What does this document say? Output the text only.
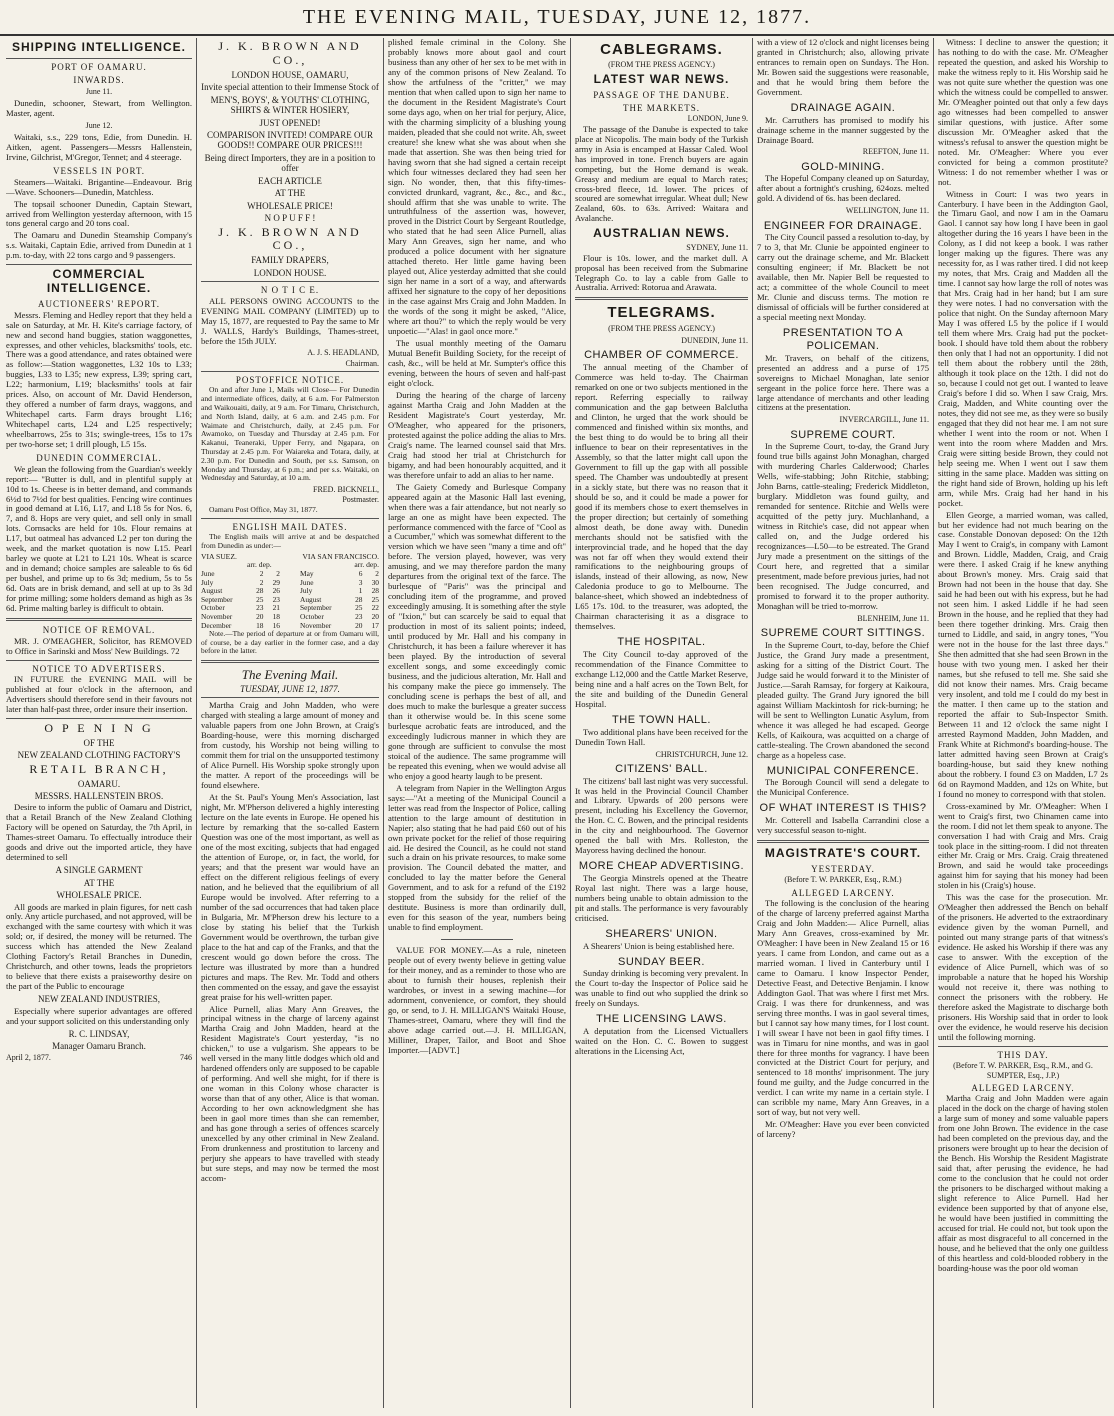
THE EVENING MAIL, TUESDAY, JUNE 12, 1877.
SHIPPING INTELLIGENCE.
PORT OF OAMARU.
INWARDS.
June 11.

Dunedin, schooner, Stewart, from Wellington. Master, agent.

June 12.

Waitaki, s.s., 229 tons, Edie, from Dunedin. H. Aitken, agent. Passengers—Messrs Hallenstein, Irvine, Gilchrist, M'Gregor, Tennet; and 4 steerage.

VESSELS IN PORT.

Steamers—Waitaki. Brigantine—Endeavour. Brig—Wave. Schooners—Dunedin, Matchless.

The topsail schooner Dunedin, Captain Stewart, arrived from Wellington yesterday afternoon, with 15 tons general cargo and 20 tons coal.

The Oamaru and Dunedin Steamship Company's s.s. Waitaki, Captain Edie, arrived from Dunedin at 1 p.m. to-day, with 22 tons cargo and 9 passengers.

COMMERCIAL INTELLIGENCE.
AUCTIONEERS' REPORT.

Messrs. Fleming and Hedley report that they held a sale on Saturday, at Mr. H. Kite's carriage factory, of new and second hand buggies, station waggonettes, expresses, and other vehicles, blacksmiths' tools, etc. There was a good attendance, and rates obtained were as follow:—Station waggonettes, L32 10s to L33; buggies, L33 to L35; new express, L39; spring cart, L22; harmonium, L19; blacksmiths' tools at fair prices. Also, on account of Mr. David Henderson, they offered a number of farm drays, waggons, and Whitechapel carts. Farm drays brought L16; Whitechapel carts, L24 and L25 respectively; wheelbarrows, 25s to 31s; swingle-trees, 15s to 17s per two-horse set; 1 drill plough, L5 15s.

DUNEDIN COMMERCIAL.

We glean the following from the Guardian's weekly report:— "Butter is dull, and in plentiful supply at 10d to 1s. Cheese is in better demand, and commands 6½d to 7½d for best qualities. Fencing wire continues in good demand at L16, L17, and L18 5s for Nos. 6, 7, and 8. Hops are very quiet, and sell only in small lots. Cornsacks are held for 10s. Flour remains at L17, but oatmeal has advanced L2 per ton during the week, and the market quotation is now L15. Pearl barley we quote at L21 to L21 10s. Wheat is scarce and in demand; choice samples are saleable to 6s 6d per bushel, and prime up to 6s 3d; medium, 5s to 5s 6d. Oats are in brisk demand, and sell at up to 3s 3d for prime milling; some holders demand as high as 3s 6d. Prime malting barley is difficult to obtain.

NOTICE OF REMOVAL.

MR. J. O'MEAGHER, Solicitor, has REMOVED to Office in Sarinski and Moss' New Buildings. 72

NOTICE TO ADVERTISERS.

IN FUTURE the EVENING MAIL will be published at four o'clock in the afternoon, and Advertisers should therefore send in their favours not later than half-past three, order insure their insertion.

O P E N I N G
OF THE
NEW ZEALAND CLOTHING FACTORY'S
RETAIL BRANCH,
OAMARU.
MESSRS. HALLENSTEIN BROS.

Desire to inform the public of Oamaru and District, that a Retail Branch of the New Zealand Clothing Factory will be opened on Saturday, the 7th April, in Thames-street Oamaru. To effectually introduce their goods and drive out the imported article, they have determined to sell

A SINGLE GARMENT
AT THE
WHOLESALE PRICE.

All goods are marked in plain figures, for nett cash only. Any article purchased, and not approved, will be exchanged with the same courtesy with which it was sold; or, if desired, the money will be returned. The success which has attended the New Zealand Clothing Factory's Retail Branches in Dunedin, Christchurch, and other towns, leads the proprietors to believe that there exists a praiseworthy desire on the part of the Public to encourage

NEW ZEALAND INDUSTRIES,

Especially where superior advantages are offered and your support solicited on this understanding only

R. C. LINDSAY,
Manager Oamaru Branch.
April 2, 1877.	746
J. K. BROWN AND CO.,
LONDON HOUSE, OAMARU,
Invite special attention to their Immense Stock of
MEN'S, BOYS', & YOUTHS' CLOTHING, SHIRTS & WINTER HOSIERY,
JUST OPENED!
COMPARISON INVITED! COMPARE OUR GOODS!! COMPARE OUR PRICES!!!
Being direct Importers, they are in a position to offer
EACH ARTICLE
AT THE
WHOLESALE PRICE!
N O P U F F !
J. K. BROWN AND CO.,
FAMILY DRAPERS,
LONDON HOUSE.
N O T I C E.

ALL PERSONS OWING ACCOUNTS to the EVENING MAIL COMPANY (LIMITED) up to May 15, 1877, are requested to Pay the same to Mr J. WALLS, Hardy's Buildings, Thames-street, before the 15th JULY.

A. J. S. HEADLAND,
Chairman.
POSTOFFICE NOTICE.

On and after June 1, Mails will Close— For Dunedin and intermediate offices, daily, at 6 a.m. For Palmerston and Waikouaiti, daily, at 9 a.m. For Timaru, Christchurch, and North Island, daily, at 6 a.m. and 2.45 p.m. For Waimate and Christchurch, daily, at 2.45 p.m. For Awamoko, on Tuesday and Thursday at 2.45 p.m. For Kakanui, Teaneraki, Upper Ferry, and Ngapara, on Thursday at 2.45 p.m. For Waiareka and Totara, daily, at 2.30 p.m. For Dunedin and South, per s.s. Samson, on Monday and Thursday, at 6 p.m.; and per s.s. Waitaki, on Wednesday and Saturday, at 10 a.m.

FRED. BICKNELL,
Postmaster.

Oamaru Post Office, May 31, 1877.

ENGLISH MAIL DATES.

The English mails will arrive at and be despatched from Dunedin as under:—

VIA SUEZ.	VIA SAN FRANCISCO.
arr. dep.	arr. dep.
June	2	2	May	6	2
July	2	29	June	3	30
August	28	26	July	1	28
September	25	23	August	28	25
October	23	21	September	25	22
November	20	18	October	23	20
December	18	16	November	20	17

Note.—The period of departure at or from Oamaru will, of course, be a day earlier in the former case, and a day before in the latter.

The Evening Mail.
TUESDAY, JUNE 12, 1877.

Martha Craig and John Madden, who were charged with stealing a large amount of money and valuable papers from one John Brown, at Craig's Boarding-house, were this morning discharged from custody, his Worship not being willing to commit them for trial on the unsupported testimony of Alice Purnell. His Worship spoke strongly upon the matter. A report of the proceedings will be found elsewhere.

At the St. Paul's Young Men's Association, last night, Mr. M'Pherson delivered a highly interesting lecture on the late events in Europe. He opened his lecture by remarking that the so-called Eastern Question was one of the most important, as well as one of the most exciting, subjects that had engaged the attention of Europe, or, in fact, the world, for years; and that the present war would have an effect on the different religious feelings of every nation, and he believed that the equilibrium of all Europe would be involved. After referring to a number of the sad occurrences that had taken place in Bulgaria, Mr. M'Pherson drew his lecture to a close by stating his belief that the Turkish Government would be overthrown, the turban give place to the hat and cap of the Franks, and that the crescent would go down before the cross. The lecture was illustrated by more than a hundred pictures and maps. The Rev. Mr. Todd and others then commented on the essay, and gave the essayist great praise for his well-written paper.

Alice Purnell, alias Mary Ann Greaves, the principal witness in the charge of larceny against Martha Craig and John Madden, heard at the Resident Magistrate's Court yesterday, "is no chicken," to use a vulgarism. She appears to be well versed in the many little dodges which old and hardened offenders only are supposed to be capable of performing. And well she might, for if there is one woman in this Colony whose character is worse than that of any other, Alice is that woman. According to her own acknowledgment she has been in gaol more times than she can remember, and has gone through a series of offences scarcely unexcelled by any other criminal in New Zealand. From drunkenness and prostitution to larceny and perjury she appears to have travelled with steady but sure steps, and may now be termed the most accom-

plished female criminal in the Colony. She probably knows more about gaol and court business than any other of her sex to be met with in any of the common prisons of New Zealand. To show the artfulness of the "critter," we may mention that when called upon to sign her name to the document in the Resident Magistrate's Court some days ago, when on her trial for perjury, Alice, with the charming simplicity of a blushing young maiden, pleaded that she could not write. Ah, sweet creature! she knew what she was about when she made that assertion. She was then being tried for having sworn that she had signed a certain receipt which four witnesses declared they had seen her sign. No wonder, then, that this fifty-times-convicted drunkard, vagrant, &c., &c., and &c., should affirm that she was unable to write. The untruthfulness of the assertion was, however, proved in the District Court by Sergeant Routledge, who stated that he had seen Alice Purnell, alias Mary Ann Greaves, sign her name, and who produced a police document with her signature attached thereto. Her little game having been played out, Alice yesterday admitted that she could sign her name in a sort of a way, and afterwards affixed her signature to the copy of her depositions in the case against Mrs Craig and John Madden. In the words of the song it might be asked, "Alice, where art thou?" to which the reply would be very unpoetic—"Alas! in gaol once more."

The usual monthly meeting of the Oamaru Mutual Benefit Building Society, for the receipt of cash, &c., will be held at Mr. Sumpter's office this evening, between the hours of seven and half-past eight o'clock.

During the hearing of the charge of larceny against Martha Craig and John Madden at the Resident Magistrate's Court yesterday, Mr. O'Meagher, who appeared for the prisoners, protested against the police adding the alias to Mrs. Craig's name. The learned counsel said that Mrs. Craig had stood her trial at Christchurch for bigamy, and had been honourably acquitted, and it was therefore unfair to add an alias to her name.

The Gaiety Comedy and Burlesque Company appeared again at the Masonic Hall last evening, when there was a fair attendance, but not nearly so large an one as might have been expected. The performance commenced with the farce of "Cool as a Cucumber," which was somewhat different to the version which we have seen "many a time and oft" before. The version played, however, was very amusing, and we may therefore pardon the many departures from the original text of the farce. The burlesque of "Paris" was the principal and concluding item of the programme, and proved exceedingly amusing. It is something after the style of "Ixion," but can scarcely be said to equal that production in most of its salient points; indeed, until produced by Mr. Hall and his company in Christchurch, it has been a failure wherever it has been played. By the introduction of several excellent songs, and some exceedingly comic business, and the judicious alteration, Mr. Hall and his company make the piece go immensely. The concluding scene is perhaps the best of all, and does much to make the burlesque a greater success than it otherwise would be. In this scene some burlesque acrobatic feats are introduced, and the exceedingly ludicrous manner in which they are gone through are sufficient to convulse the most stoical of the audience. The same programme will be repeated this evening, when we would advise all who enjoy a good hearty laugh to be present.

A telegram from Napier in the Wellington Argus says:—"At a meeting of the Municipal Council a letter was read from the Inspector of Police, calling attention to the large amount of destitution in Napier; also stating that he had paid £60 out of his own private pocket for the relief of those requiring aid. He desired the Council, as he could not stand such a drain on his private resources, to make some provision. The Council debated the matter, and concluded to lay the matter before the General Government, and to ask for a refund of the £192 stopped from the subsidy for the relief of the destitute. Business is more than ordinarily dull, even for this season of the year, numbers being unable to find employment.

VALUE FOR MONEY.—As a rule, nineteen people out of every twenty believe in getting value for their money, and as a reminder to those who are about to furnish their houses, replenish their wardrobes, or invest in a sewing machine—for adornment, convenience, or comfort, they should go, or send, to J. H. MILLIGAN'S Waitaki House, Thames-street, Oamaru, where they will find the above adage carried out.—J. H. MILLIGAN, Milliner, Draper, Tailor, and Boot and Shoe Importer.—[ADVT.]

CABLEGRAMS.
(FROM THE PRESS AGENCY.)
LATEST WAR NEWS.
PASSAGE OF THE DANUBE.
THE MARKETS.
LONDON, June 9.

The passage of the Danube is expected to take place at Nicopolis. The main body of the Turkish army in Asia is encamped at Hassar Caled. Wool has improved in tone. French buyers are again competing, but the Home demand is weak. Greasy and medium are equal to March rates; cross-bred fleece, 1d. lower. The prices of scoured are somewhat irregular. Wheat dull; New Zealand, 60s. to 63s. Arrived: Waitara and Avalanche.

AUSTRALIAN NEWS.
SYDNEY, June 11.

Flour is 10s. lower, and the market dull. A proposal has been received from the Submarine Telegraph Co. to lay a cable from Galle to Australia. Arrived: Rotorua and Arawata.

TELEGRAMS.
(FROM THE PRESS AGENCY.)
DUNEDIN, June 11.
CHAMBER OF COMMERCE.

The annual meeting of the Chamber of Commerce was held to-day. The Chairman remarked on one or two subjects mentioned in the report. Referring especially to railway communication and the gap between Balclutha and Clinton, he urged that the work should be commenced and finished within six months, and the best thing to do would be to bring all their influence to bear on their representatives in the Assembly, so that the latter might call upon the Government to fill up the gap with all possible speed. The Chamber was undoubtedly at present in a sickly state, but there was no reason that it should be so, and it could be made a power for good if its members chose to exert themselves in the proper direction; but certainly of something almost death, be done away with. Dunedin merchants should not be satisfied with the interprovincial trade, and he hoped that the day was not far off when they would extend their ramifications to the neighbouring groups of islands, instead of their allowing, as now, New Caledonia produce to go to Melbourne. The balance-sheet, which showed an indebtedness of L65 17s. 10d. to the treasurer, was adopted, the Chairman characterising it as a disgrace to themselves.

THE HOSPITAL.

The City Council to-day approved of the recommendation of the Finance Committee to exchange L12,000 and the Cattle Market Reserve, being nine and a half acres on the Town Belt, for the site and building of the Dunedin General Hospital.

THE TOWN HALL.

Two additional plans have been received for the Dunedin Town Hall.

CHRISTCHURCH, June 12.
CITIZENS' BALL.

The citizens' ball last night was very successful. It was held in the Provincial Council Chamber and Library. Upwards of 200 persons were present, including his Excellency the Governor, the Hon. C. C. Bowen, and the principal residents in the city and neighbourhood. The Governor opened the ball with Mrs. Rolleston, the Mayoress having declined the honour.

MORE CHEAP ADVERTISING.

The Georgia Minstrels opened at the Theatre Royal last night. There was a large house, numbers being unable to obtain admission to the pit and stalls. The performance is very favourably criticised.

SHEARERS' UNION.

A Shearers' Union is being established here.

SUNDAY BEER.

Sunday drinking is becoming very prevalent. In the Court to-day the Inspector of Police said he was unable to find out who supplied the drink so freely on Sundays.

THE LICENSING LAWS.

A deputation from the Licensed Victuallers waited on the Hon. C. C. Bowen to suggest alterations in the Licensing Act,

with a view of 12 o'clock and night licenses being granted in Christchurch; also, allowing private entrances to remain open on Sundays. The Hon. Mr. Bowen said the suggestions were reasonable, and that he would bring them before the Government.

DRAINAGE AGAIN.

Mr. Carruthers has promised to modify his drainage scheme in the manner suggested by the Drainage Board.

REEFTON, June 11.
GOLD-MINING.

The Hopeful Company cleaned up on Saturday, after about a fortnight's crushing, 624ozs. melted gold. A dividend of 6s. has been declared.

WELLINGTON, June 11.
ENGINEER FOR DRAINAGE.

The City Council passed a resolution to-day, by 7 to 3, that Mr. Clunie be appointed engineer to carry out the drainage scheme, and Mr. Blackett consulting engineer; if Mr. Blackett be not available, then Mr. Napier Bell be requested to act; a committee of the whole Council to meet Mr. Clunie and discuss terms. The motion re dismissal of officials will be further considered at a special meeting next Monday.

PRESENTATION TO A POLICEMAN.

Mr. Travers, on behalf of the citizens, presented an address and a purse of 175 sovereigns to Michael Monaghan, late senior sergeant in the police force here. There was a large attendance of merchants and other leading citizens at the presentation.

INVERCARGILL, June 11.
SUPREME COURT.

In the Supreme Court, to-day, the Grand Jury found true bills against John Monaghan, charged with murdering Charles Calderwood; Charles Wells, wife-stabbing; John Ritchie, stabbing; John Barns, cattle-stealing; Frederick Middleton, burglary. Middleton was found guilty, and remanded for sentence. Ritchie and Wells were acquitted of the petty jury. Muchlanhand, a witness in Ritchie's case, did not appear when called on, and the Judge ordered his recognizances—L50—to be estreated. The Grand Jury made a presentment on the sittings of the Court here, and regretted that a similar presentment, made before previous juries, had not been recognised. The Judge concurred, and promised to forward it to the proper authority. Monaghan will be tried to-morrow.

BLENHEIM, June 11.
SUPREME COURT SITTINGS.

In the Supreme Court, to-day, before the Chief Justice, the Grand Jury made a presentment, asking for a sitting of the District Court. The Judge said he would forward it to the Minister of Justice.—Sarah Ramsay, for forgery at Kaikoura, pleaded guilty. The Grand Jury ignored the bill against William Mackintosh for rick-burning; he will be sent to Wellington Lunatic Asylum, from whence it was alleged he had escaped. George Kells, of Kaikoura, was acquitted on a charge of cattle-stealing. The Crown abandoned the second charge as a hopeless case.

MUNICIPAL CONFERENCE.

The Borough Council will send a delegate to the Municipal Conference.

OF WHAT INTEREST IS THIS?

Mr. Cotterell and Isabella Carrandini close a very successful season to-night.

MAGISTRATE'S COURT.
YESTERDAY.
(Before T. W. PARKER, Esq., R.M.)
ALLEGED LARCENY.

The following is the conclusion of the hearing of the charge of larceny preferred against Martha Craig and John Madden:— Alice Purnell, alias Mary Ann Greaves, cross-examined by Mr. O'Meagher: I have been in New Zealand 15 or 16 years. I came from London, and came out as a married woman. I lived in Canterbury until I came to Oamaru. I know Inspector Pender, Detective Feast, and Detective Benjamin. I know Addington Gaol. That was where I first met Mrs. Craig. I was there for drunkenness, and was serving three months. I was in gaol several times, but I cannot say how many times, for I lost count. I will swear I have not been in gaol fifty times. I was in Timaru for nine months, and was in gaol there for three months for vagrancy. I have been convicted at the District Court for perjury, and sentenced to 18 months' imprisonment. The jury found me guilty, and the Judge concurred in the verdict. I can write my name in a certain style. I can scribble my name, Mary Ann Greaves, in a sort of way, but not very well.

Mr. O'Meagher: Have you ever been convicted of larceny?

Witness: I decline to answer the question; it has nothing to do with the case. Mr. O'Meagher repeated the question, and asked his Worship to make the witness reply to it. His Worship said he was not quite sure whether the question was one which the witness could be compelled to answer. Mr. O'Meagher pointed out that only a few days ago witnesses had been compelled to answer similar questions, with justice. After some discussion Mr. O'Meagher asked that the witness's refusal to answer the question might be noted. Mr. O'Meagher: Where you ever convicted for being a common prostitute? Witness: I do not remember whether I was or not.

Witness in Court: I was two years in Canterbury. I have been in the Addington Gaol, the Timaru Gaol, and now I am in the Oamaru Gaol. I cannot say how long I have been in gaol altogether during the 16 years I have been in the Colony, as I did not keep a book. I was rather longer making up the figures. There was any necessity for, as I was rather tired. I did not keep my notes, that Mrs. Craig and Madden all the time. I cannot say how large the roll of notes was that Mrs. Craig had in her hand; but I am sure they were notes. I had no conversation with the police that night. On the Sunday afternoon Mary May I was offered L5 by the police if I would tell them where Mrs. Craig had put the pocket-book. I should have told them about the robbery then only that I had not an opportunity. I did not tell them about the robbery until the 28th, although it took place on the 12th. I did not do so, because I could not get out. I wanted to leave Craig's before I did so. When I saw Craig, Mrs. Craig, Madden, and White counting over the notes, they did not see me, as they were so busily engaged that they did not hear me. I am not sure whether I went into the room or not. When I went into the room where Madden and Mrs. Craig were sitting beside Brown, they could not help seeing me. When I went out I saw them sitting in the same place. Madden was sitting on the right hand side of Brown, holding up his left arm, while Mrs. Craig had her hand in his pocket.

Ellen George, a married woman, was called, but her evidence had not much bearing on the case. Constable Donovan deposed: On the 12th May I went to Craig's, in company with Lamont and Brown. Liddle, Madden, Craig, and Craig were there. I asked Craig if he knew anything about Brown's money. Mrs. Craig said that Brown had not been in the house that day. She said he had been out with his express, but he had not seen him. I asked Liddle if he had seen Brown in the house, and he replied that they had been there together drinking. Mrs. Craig then turned to Liddle, and said, in angry tones, "You were not in the house for the last three days." She then admitted that she had seen Brown in the house with two young men. I asked her their names, but she refused to tell me. She said she did not know their names. Mrs. Craig became very insolent, and told me I could do my best in the matter. I then came up to the station and reported the affair to Sub-Inspector Smith. Between 11 and 12 o'clock the same night I arrested Raymond Madden, John Madden, and Frank White at Richmond's boarding-house. The latter admitted having seen Brown at Craig's boarding-house, but said they knew nothing about the robbery. I found £3 on Madden, L7 2s 6d on Raymond Madden, and 12s on White, but I found no money to correspond with that stolen.

Cross-examined by Mr. O'Meagher: When I went to Craig's first, two Chinamen came into the room. I did not let them speak to anyone. The conversation I had with Craig and Mrs. Craig took place in the sitting-room. I did not threaten either Mr. Craig or Mrs. Craig. Craig threatened Brown, and said he would take proceedings against him for saying that his money had been stolen in his (Craig's) house.

This was the case for the prosecution. Mr. O'Meagher then addressed the Bench on behalf of the prisoners. He adverted to the extraordinary evidence given by the woman Purnell, and pointed out many strange parts of that witness's evidence. He asked his Worship if there was any case to answer. With the exception of the evidence of Alice Purnell, which was of so improbable a nature that he hoped his Worship would not receive it, there was nothing to connect the prisoners with the robbery. He therefore asked the Magistrate to discharge both prisoners. His Worship said that in order to look over the evidence, he would reserve his decision until the following morning.

THIS DAY.
(Before T. W. PARKER, Esq., R.M., and G. SUMPTER, Esq., J.P.)
ALLEGED LARCENY.

Martha Craig and John Madden were again placed in the dock on the charge of having stolen a large sum of money and some valuable papers from one John Brown. The evidence in the case had been completed on the previous day, and the prisoners were brought up to hear the decision of the Bench. His Worship the Resident Magistrate said that, after perusing the evidence, he had come to the conclusion that he could not order the prisoners to be discharged without making a slight reference to Alice Purnell. Had her evidence been supported by that of anyone else, he would have been justified in committing the accused for trial. He could not, but took upon the affair as most disgraceful to all concerned in the house, and he believed that the only one guiltless of this heartless and cold-blooded robbery in the boarding-house was the poor old woman
